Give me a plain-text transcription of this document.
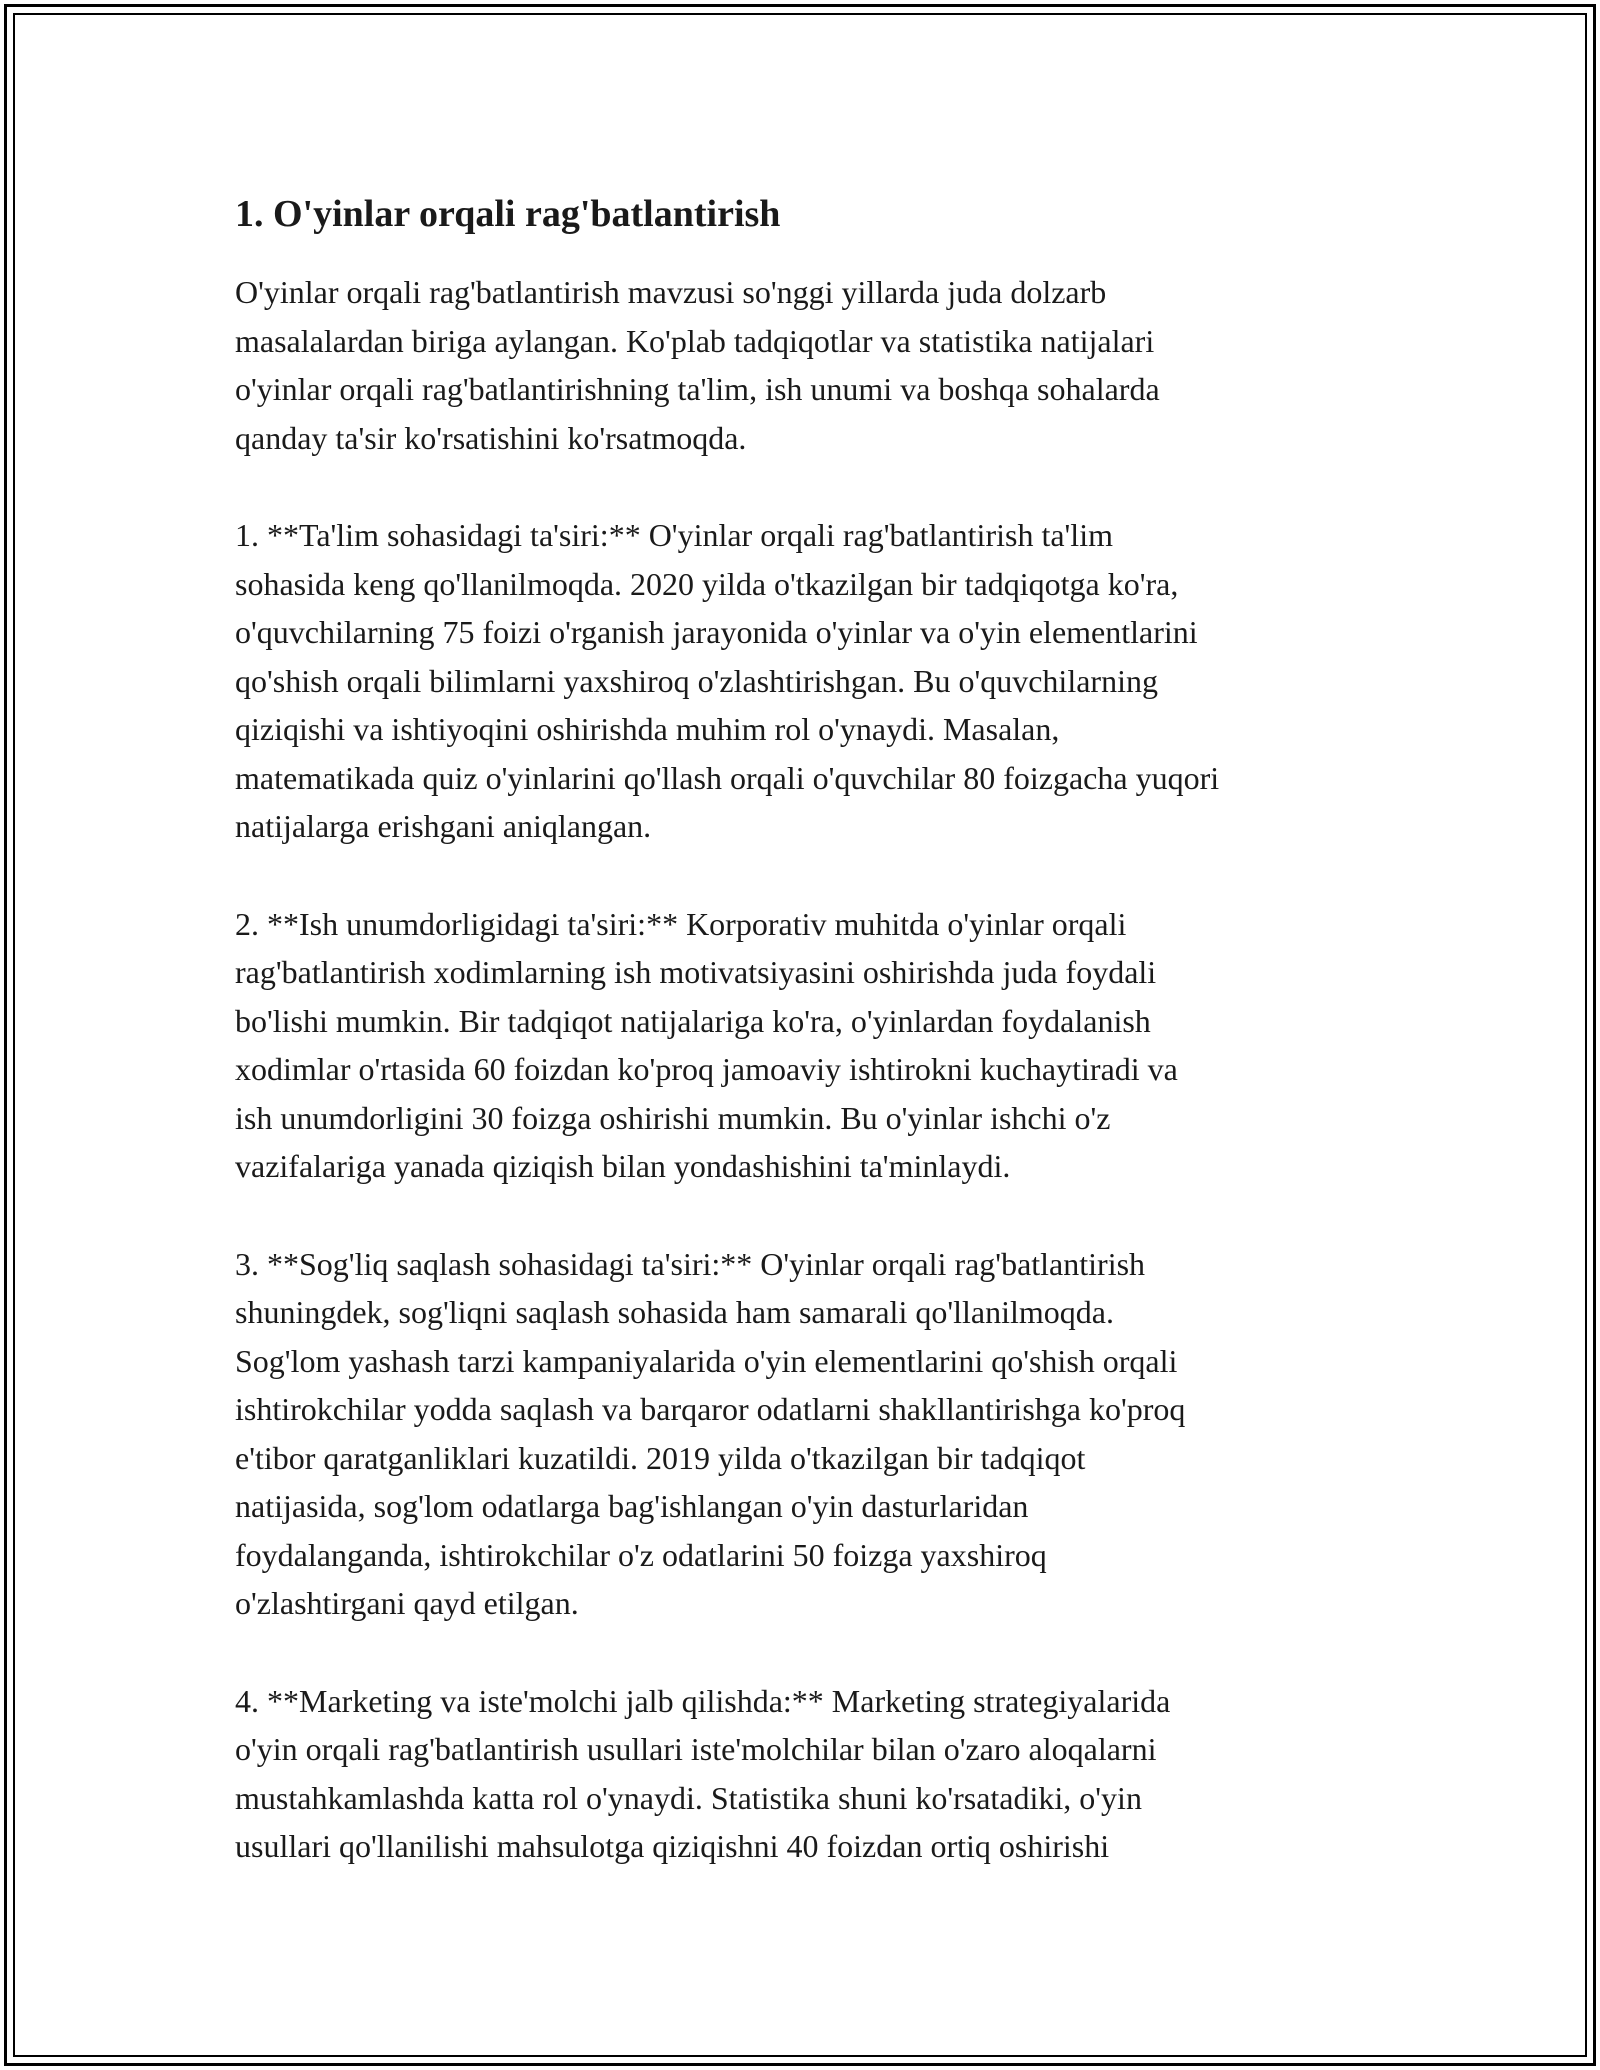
1. O'yinlar orqali rag'batlantirish

O'yinlar orqali rag'batlantirish mavzusi so'nggi yillarda juda dolzarb
masalalardan biriga aylangan. Ko'plab tadqiqotlar va statistika natijalari
o'yinlar orqali rag'batlantirishning ta'lim, ish unumi va boshqa sohalarda
qanday ta'sir ko'rsatishini ko'rsatmoqda.

1. **Ta'lim sohasidagi ta'siri:** O'yinlar orqali rag'batlantirish ta'lim
sohasida keng qo'llanilmoqda. 2020 yilda o'tkazilgan bir tadqiqotga ko'ra,
o'quvchilarning 75 foizi o'rganish jarayonida o'yinlar va o'yin elementlarini
qo'shish orqali bilimlarni yaxshiroq o'zlashtirishgan. Bu o'quvchilarning
qiziqishi va ishtiyoqini oshirishda muhim rol o'ynaydi. Masalan,
matematikada quiz o'yinlarini qo'llash orqali o'quvchilar 80 foizgacha yuqori
natijalarga erishgani aniqlangan.

2. **Ish unumdorligidagi ta'siri:** Korporativ muhitda o'yinlar orqali
rag'batlantirish xodimlarning ish motivatsiyasini oshirishda juda foydali
bo'lishi mumkin. Bir tadqiqot natijalariga ko'ra, o'yinlardan foydalanish
xodimlar o'rtasida 60 foizdan ko'proq jamoaviy ishtirokni kuchaytiradi va
ish unumdorligini 30 foizga oshirishi mumkin. Bu o'yinlar ishchi o'z
vazifalariga yanada qiziqish bilan yondashishini ta'minlaydi.

3. **Sog'liq saqlash sohasidagi ta'siri:** O'yinlar orqali rag'batlantirish
shuningdek, sog'liqni saqlash sohasida ham samarali qo'llanilmoqda.
Sog'lom yashash tarzi kampaniyalarida o'yin elementlarini qo'shish orqali
ishtirokchilar yodda saqlash va barqaror odatlarni shakllantirishga ko'proq
e'tibor qaratganliklari kuzatildi. 2019 yilda o'tkazilgan bir tadqiqot
natijasida, sog'lom odatlarga bag'ishlangan o'yin dasturlaridan
foydalanganda, ishtirokchilar o'z odatlarini 50 foizga yaxshiroq
o'zlashtirgani qayd etilgan.

4. **Marketing va iste'molchi jalb qilishda:** Marketing strategiyalarida
o'yin orqali rag'batlantirish usullari iste'molchilar bilan o'zaro aloqalarni
mustahkamlashda katta rol o'ynaydi. Statistika shuni ko'rsatadiki, o'yin
usullari qo'llanilishi mahsulotga qiziqishni 40 foizdan ortiq oshirishi
